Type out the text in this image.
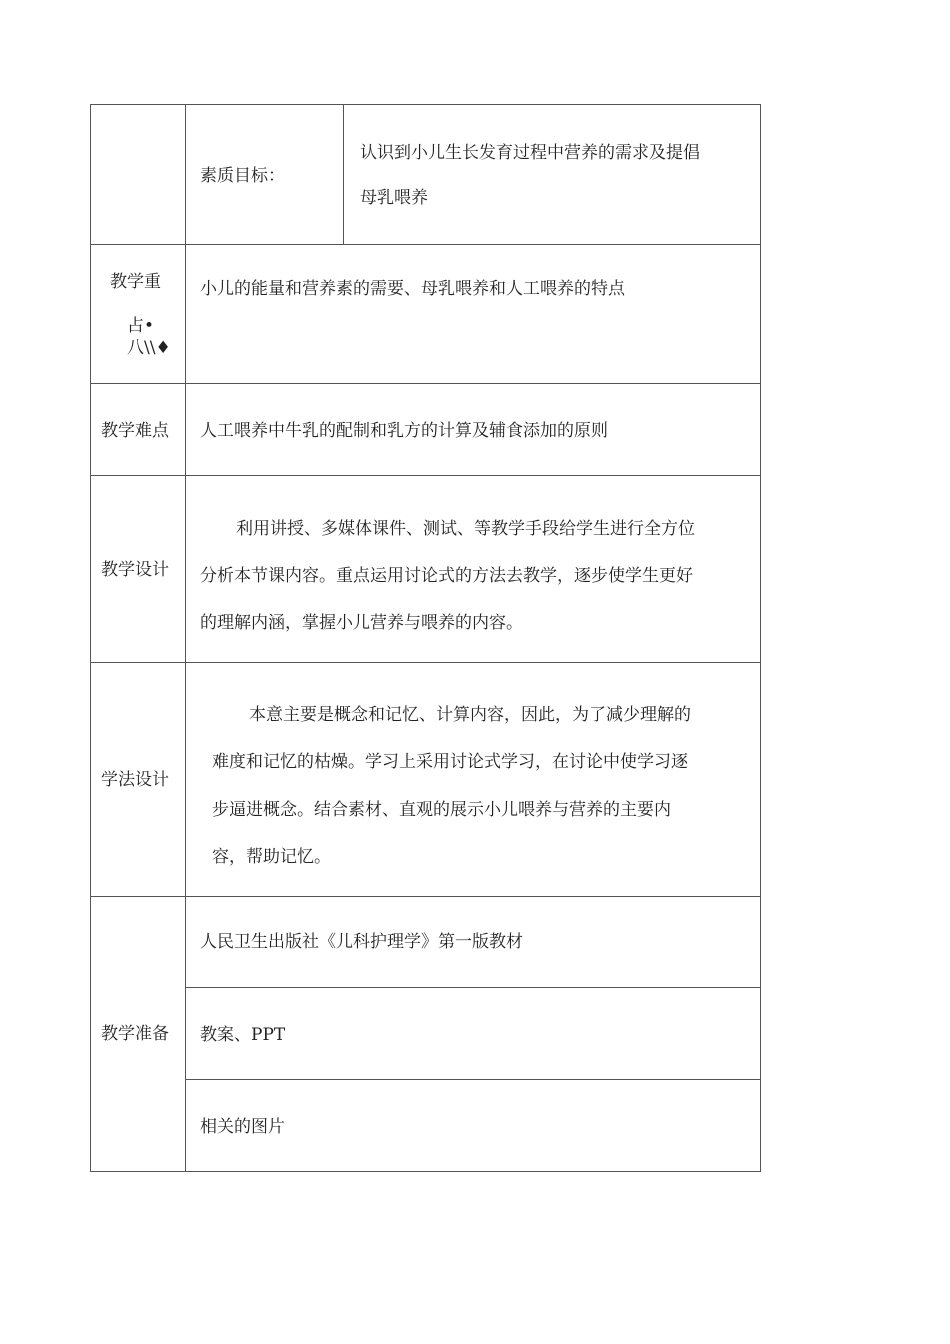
素质目标：
认识到小儿生长发育过程中营养的需求及提倡
母乳喂养
教学重
占•
八\\♦
小儿的能量和营养素的需要、母乳喂养和人工喂养的特点
教学难点 人工喂养中牛乳的配制和乳方的计算及辅食添加的原则
教学设计
利用讲授、多媒体课件、测试、等教学手段给学生进行全方位
分析本节课内容。重点运用讨论式的方法去教学，逐步使学生更好
的理解内涵，掌握小儿营养与喂养的内容。
学法设计
本意主要是概念和记忆、计算内容，因此，为了减少理解的
难度和记忆的枯燥。学习上采用讨论式学习，在讨论中使学习逐
步逼进概念。结合素材、直观的展示小儿喂养与营养的主要内
容，帮助记忆。
教学准备
人民卫生出版社《儿科护理学》第一版教材
教案、PPT
相关的图片
